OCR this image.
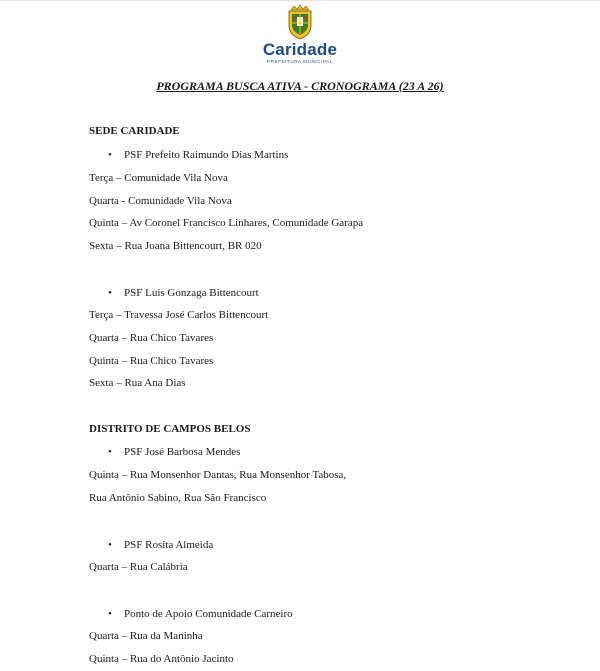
Caridade
PREFEITURA MUNICIPAL
PROGRAMA BUSCA ATIVA - CRONOGRAMA (23 A 26)
SEDE CARIDADE
• PSF Prefeito Raimundo Dias Martins
Terça – Comunidade Vila Nova
Quarta - Comunidade Vila Nova
Quinta – Av Coronel Francisco Linhares, Comunidade Garapa
Sexta – Rua Joana Bittencourt, BR 020
• PSF Luis Gonzaga Bittencourt
Terça – Travessa José Carlos Bittencourt
Quarta – Rua Chico Tavares
Quinta – Rua Chico Tavares
Sexta – Rua Ana Dias
DISTRITO DE CAMPOS BELOS
• PSF José Barbosa Mendes
Quinta – Rua Monsenhor Dantas, Rua Monsenhor Tabosa,
Rua Antônio Sabino, Rua São Francisco
• PSF Rosita Almeida
Quarta – Rua Calábria
• Ponto de Apoio Comunidade Carneiro
Quarta – Rua da Maninha
Quinta – Rua do Antônio Jacinto
